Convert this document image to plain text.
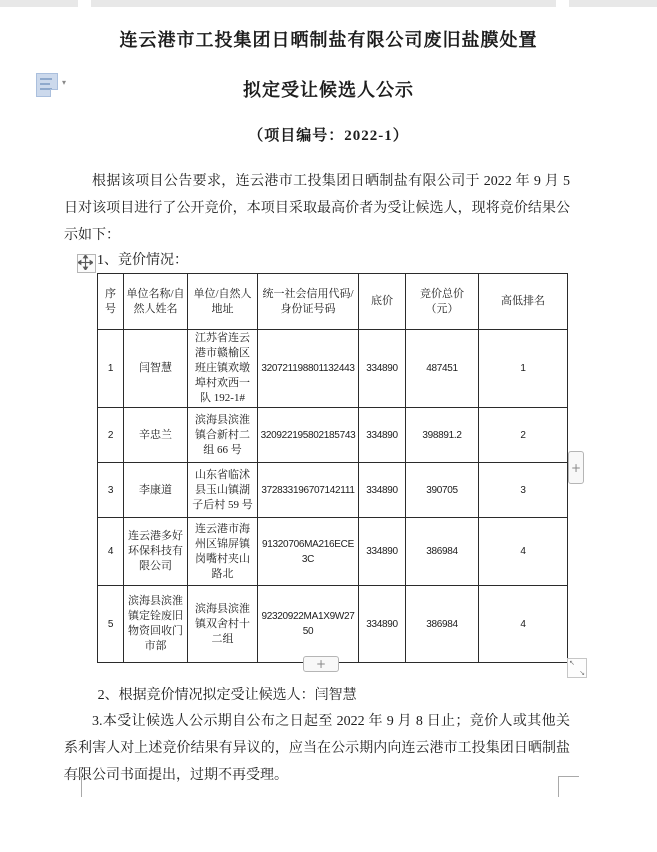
▾
连云港市工投集团日晒制盐有限公司废旧盐膜处置
拟定受让候选人公示
（项目编号：2022-1）
根据该项目公告要求，连云港市工投集团日晒制盐有限公司于 2022 年 9 月 5 日对该项目进行了公开竞价，本项目采取最高价者为受让候选人，现将竞价结果公示如下：
1、竞价情况：
序号	单位名称/自然人姓名	单位/自然人地址	统一社会信用代码/身份证号码	底价	竞价总价（元）	高低排名
1	闫智慧	江苏省连云港市赣榆区班庄镇欢墩埠村欢西一队 192-1#	320721198801132443	334890	487451	1
2	辛忠兰	滨海县滨淮镇合新村二组 66 号	320922195802185743	334890	398891.2	2
3	李康道	山东省临沭县玉山镇湖子后村 59 号	372833196707142111	334890	390705	3
4	连云港多好环保科技有限公司	连云港市海州区锦屏镇岗嘴村夹山路北	91320706MA216ECE3C	334890	386984	4
5	滨海县滨淮镇定铨废旧物资回收门市部	滨海县滨淮镇双舍村十二组	92320922MA1X9W2750	334890	386984	4
+
+	↖
↘
2、根据竞价情况拟定受让候选人：闫智慧
3.本受让候选人公示期自公布之日起至 2022 年 9 月 8 日止；竞价人或其他关系利害人对上述竞价结果有异议的，应当在公示期内向连云港市工投集团日晒制盐有限公司书面提出，过期不再受理。
